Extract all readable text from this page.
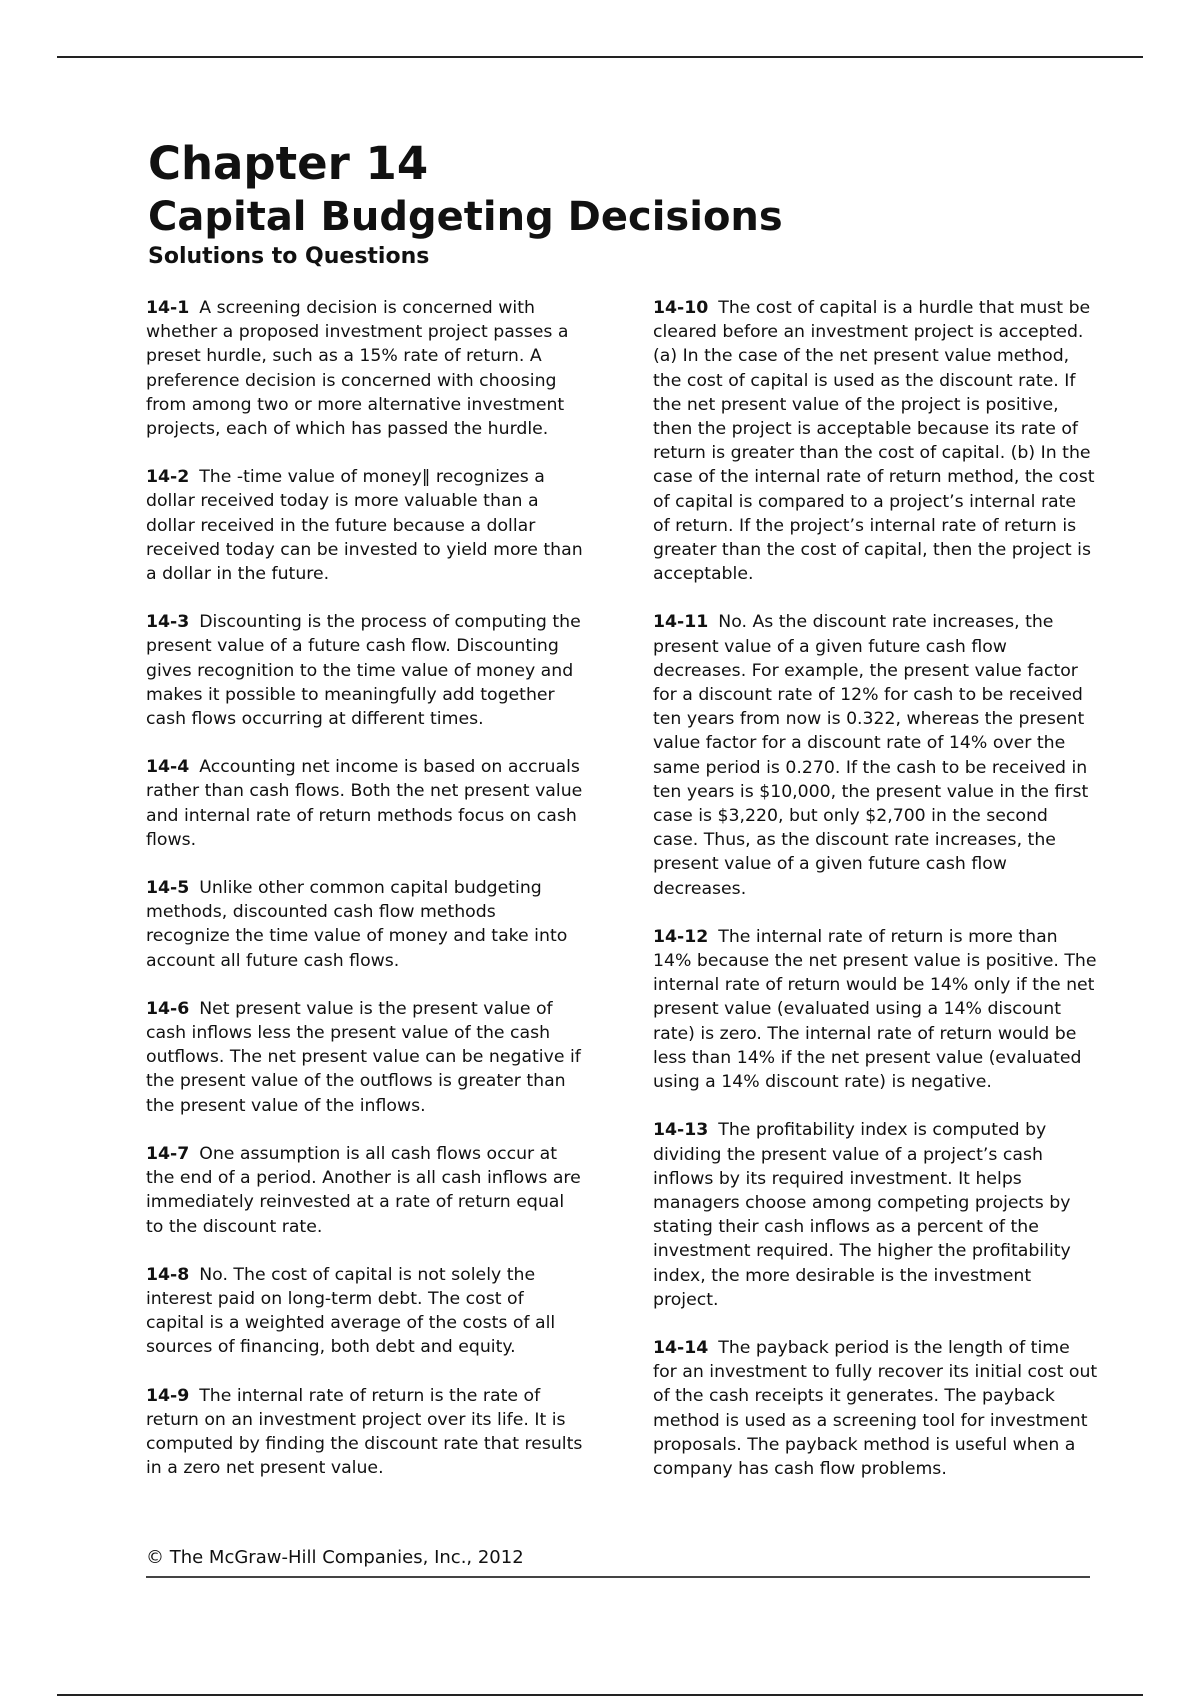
Chapter 14
Capital Budgeting Decisions
Solutions to Questions

14-1 A screening decision is concerned with whether a proposed investment project passes a preset hurdle, such as a 15% rate of return. A preference decision is concerned with choosing from among two or more alternative investment projects, each of which has passed the hurdle.

14-2 The -time value of money‖ recognizes a dollar received today is more valuable than a dollar received in the future because a dollar received today can be invested to yield more than a dollar in the future.

14-3 Discounting is the process of computing the present value of a future cash flow. Discounting gives recognition to the time value of money and makes it possible to meaningfully add together cash flows occurring at different times.

14-4 Accounting net income is based on accruals rather than cash flows. Both the net present value and internal rate of return methods focus on cash flows.

14-5 Unlike other common capital budgeting methods, discounted cash flow methods recognize the time value of money and take into account all future cash flows.

14-6 Net present value is the present value of cash inflows less the present value of the cash outflows. The net present value can be negative if the present value of the outflows is greater than the present value of the inflows.

14-7 One assumption is all cash flows occur at the end of a period. Another is all cash inflows are immediately reinvested at a rate of return equal to the discount rate.

14-8 No. The cost of capital is not solely the interest paid on long-term debt. The cost of capital is a weighted average of the costs of all sources of financing, both debt and equity.

14-9 The internal rate of return is the rate of return on an investment project over its life. It is computed by finding the discount rate that results in a zero net present value.

14-10 The cost of capital is a hurdle that must be cleared before an investment project is accepted. (a) In the case of the net present value method, the cost of capital is used as the discount rate. If the net present value of the project is positive, then the project is acceptable because its rate of return is greater than the cost of capital. (b) In the case of the internal rate of return method, the cost of capital is compared to a project’s internal rate of return. If the project’s internal rate of return is greater than the cost of capital, then the project is acceptable.

14-11 No. As the discount rate increases, the present value of a given future cash flow decreases. For example, the present value factor for a discount rate of 12% for cash to be received ten years from now is 0.322, whereas the present value factor for a discount rate of 14% over the same period is 0.270. If the cash to be received in ten years is $10,000, the present value in the first case is $3,220, but only $2,700 in the second case. Thus, as the discount rate increases, the present value of a given future cash flow decreases.

14-12 The internal rate of return is more than 14% because the net present value is positive. The internal rate of return would be 14% only if the net present value (evaluated using a 14% discount rate) is zero. The internal rate of return would be less than 14% if the net present value (evaluated using a 14% discount rate) is negative.

14-13 The profitability index is computed by dividing the present value of a project’s cash inflows by its required investment. It helps managers choose among competing projects by stating their cash inflows as a percent of the investment required. The higher the profitability index, the more desirable is the investment project.

14-14 The payback period is the length of time for an investment to fully recover its initial cost out of the cash receipts it generates. The payback method is used as a screening tool for investment proposals. The payback method is useful when a company has cash flow problems.

© The McGraw-Hill Companies, Inc., 2012
